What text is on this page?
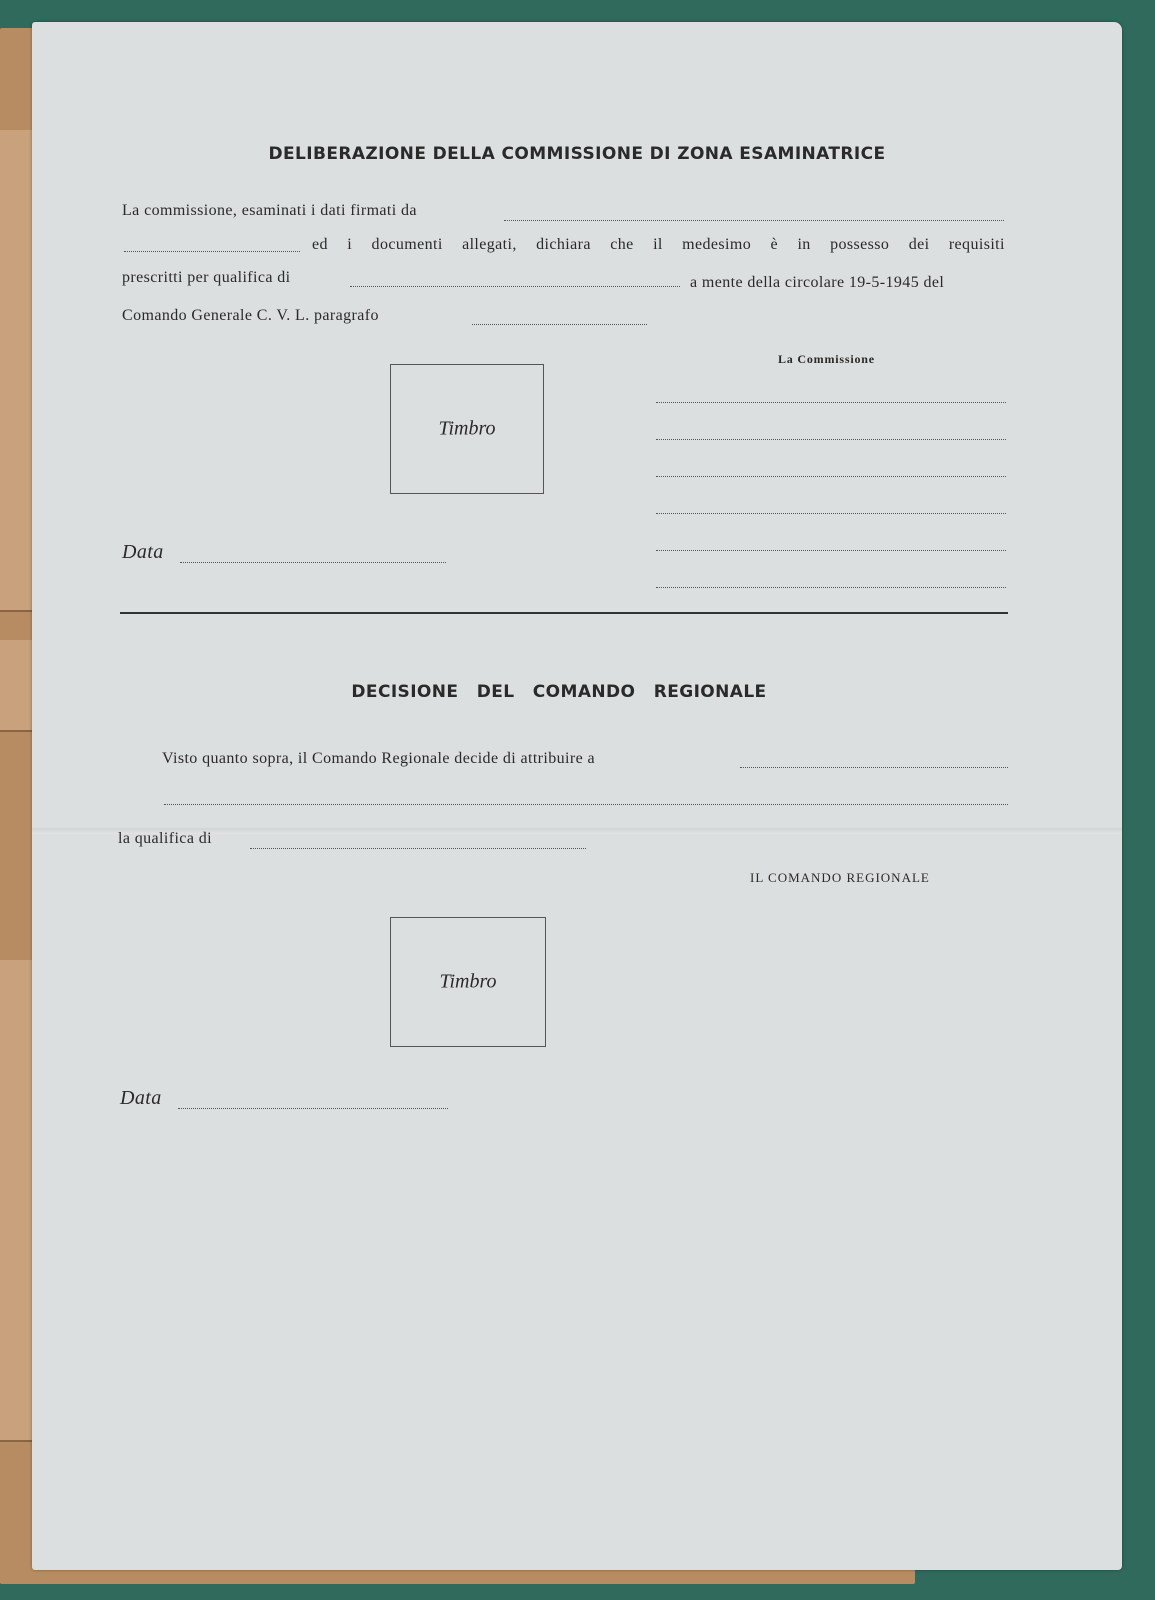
DELIBERAZIONE DELLA COMMISSIONE DI ZONA ESAMINATRICE
La commissione, esaminati i dati firmati da
ed i documenti allegati, dichiara che il medesimo è in possesso dei requisiti
prescritti per qualifica di	a mente della circolare 19-5-1945 del
Comando Generale C. V. L. paragrafo
Timbro
La Commissione
Data
DECISIONE DEL COMANDO REGIONALE
Visto quanto sopra, il Comando Regionale decide di attribuire a
la qualifica di
IL COMANDO REGIONALE
Timbro
Data
